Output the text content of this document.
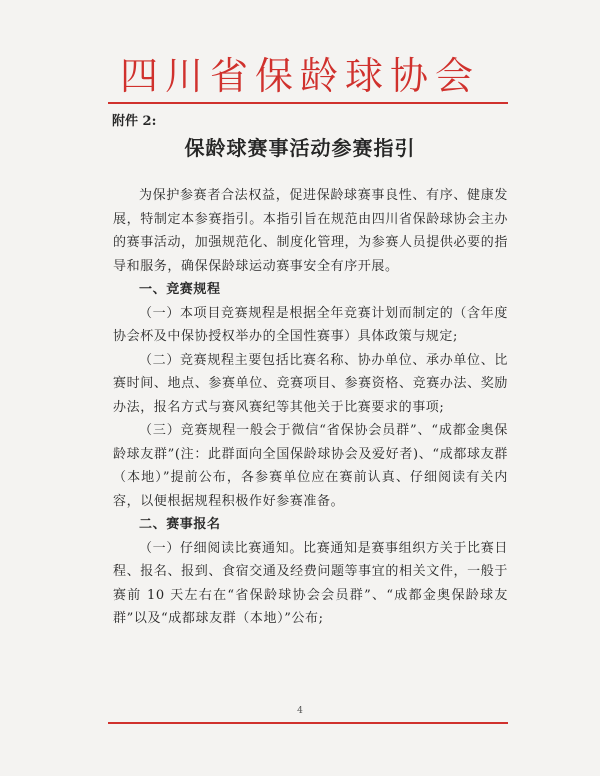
四川省保龄球协会
附件 2:
保龄球赛事活动参赛指引

为保护参赛者合法权益，促进保龄球赛事良性、有序、健康发展，特制定本参赛指引。本指引旨在规范由四川省保龄球协会主办的赛事活动，加强规范化、制度化管理，为参赛人员提供必要的指导和服务，确保保龄球运动赛事安全有序开展。

一、竞赛规程

（一）本项目竞赛规程是根据全年竞赛计划而制定的（含年度协会杯及中保协授权举办的全国性赛事）具体政策与规定;

（二）竞赛规程主要包括比赛名称、协办单位、承办单位、比赛时间、地点、参赛单位、竞赛项目、参赛资格、竞赛办法、奖励办法，报名方式与赛风赛纪等其他关于比赛要求的事项;

（三）竞赛规程一般会于微信“省保协会员群”、“成都金奥保龄球友群”(注：此群面向全国保龄球协会及爱好者)、“成都球友群（本地）”提前公布，各参赛单位应在赛前认真、仔细阅读有关内容，以便根据规程积极作好参赛准备。

二、赛事报名

（一）仔细阅读比赛通知。比赛通知是赛事组织方关于比赛日程、报名、报到、食宿交通及经费问题等事宜的相关文件，一般于赛前 10 天左右在“省保龄球协会会员群”、“成都金奥保龄球友群”以及“成都球友群（本地）”公布;

4
